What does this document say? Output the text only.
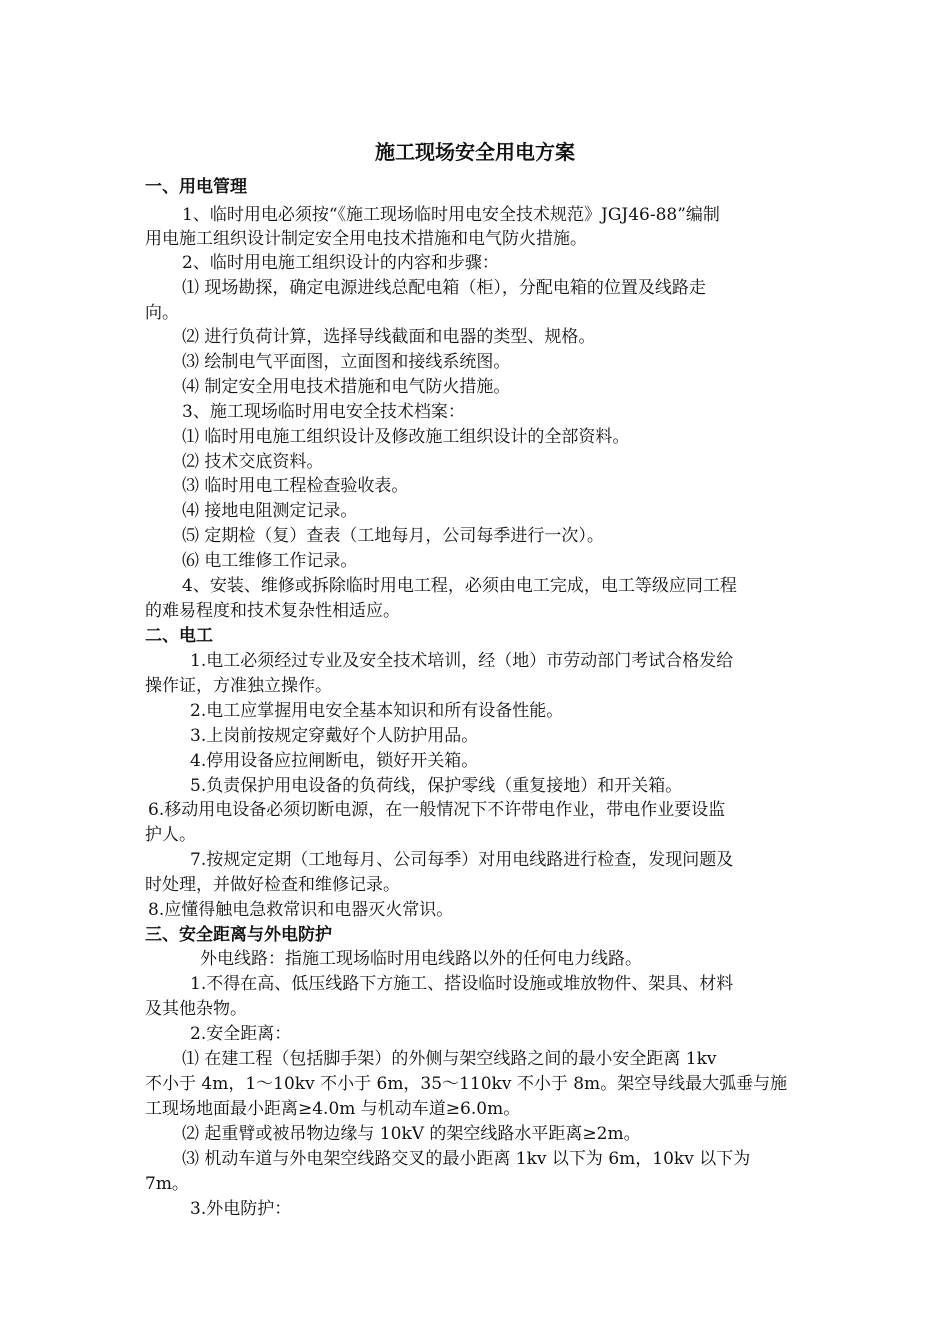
施工现场安全用电方案
一、用电管理
1、临时用电必须按“《施工现场临时用电安全技术规范》JGJ46-88”编制
用电施工组织设计制定安全用电技术措施和电气防火措施。
2、临时用电施工组织设计的内容和步骤：
⑴ 现场勘探，确定电源进线总配电箱（柜），分配电箱的位置及线路走
向。
⑵ 进行负荷计算，选择导线截面和电器的类型、规格。
⑶ 绘制电气平面图，立面图和接线系统图。
⑷ 制定安全用电技术措施和电气防火措施。
3、施工现场临时用电安全技术档案：
⑴ 临时用电施工组织设计及修改施工组织设计的全部资料。
⑵ 技术交底资料。
⑶ 临时用电工程检查验收表。
⑷ 接地电阻测定记录。
⑸ 定期检（复）查表（工地每月，公司每季进行一次）。
⑹ 电工维修工作记录。
4、安装、维修或拆除临时用电工程，必须由电工完成，电工等级应同工程
的难易程度和技术复杂性相适应。
二、电工
1.电工必须经过专业及安全技术培训，经（地）市劳动部门考试合格发给
操作证，方准独立操作。
2.电工应掌握用电安全基本知识和所有设备性能。
3.上岗前按规定穿戴好个人防护用品。
4.停用设备应拉闸断电，锁好开关箱。
5.负责保护用电设备的负荷线，保护零线（重复接地）和开关箱。
6.移动用电设备必须切断电源，在一般情况下不许带电作业，带电作业要设监
护人。
7.按规定定期（工地每月、公司每季）对用电线路进行检查，发现问题及
时处理，并做好检查和维修记录。
8.应懂得触电急救常识和电器灭火常识。
三、安全距离与外电防护
外电线路：指施工现场临时用电线路以外的任何电力线路。
1.不得在高、低压线路下方施工、搭设临时设施或堆放物件、架具、材料
及其他杂物。
2.安全距离：
⑴ 在建工程（包括脚手架）的外侧与架空线路之间的最小安全距离 1kv
不小于 4m，1～10kv 不小于 6m，35～110kv 不小于 8m。架空导线最大弧垂与施
工现场地面最小距离≥4.0m 与机动车道≥6.0m。
⑵ 起重臂或被吊物边缘与 10kV 的架空线路水平距离≥2m。
⑶ 机动车道与外电架空线路交叉的最小距离 1kv 以下为 6m，10kv 以下为
7m。
3.外电防护：
